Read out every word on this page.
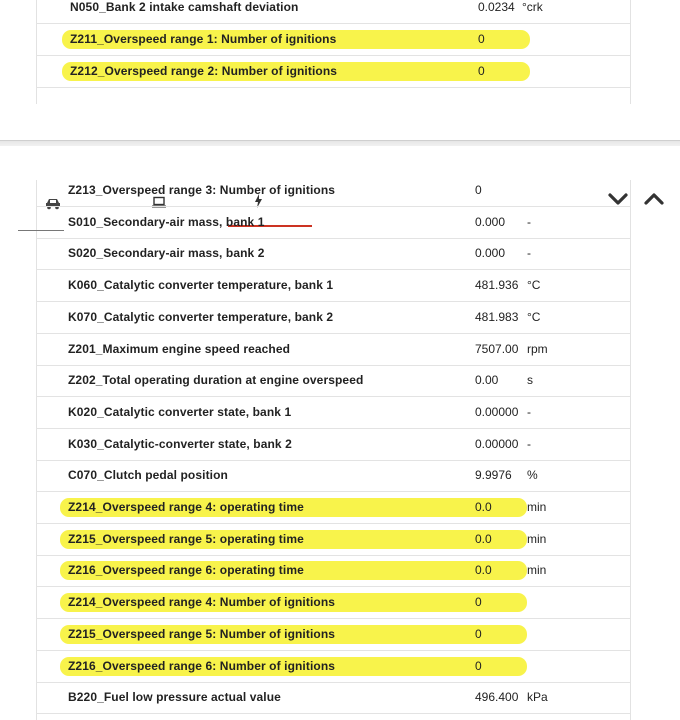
N050_Bank 2 intake camshaft deviation	0.0234 °crk
Z211_Overspeed range 1: Number of ignitions	0
Z212_Overspeed range 2: Number of ignitions	0
Z213_Overspeed range 3: Number of ignitions	0
S010_Secondary-air mass, bank 1	0.000 -
S020_Secondary-air mass, bank 2	0.000 -
K060_Catalytic converter temperature, bank 1	481.936 °C
K070_Catalytic converter temperature, bank 2	481.983 °C
Z201_Maximum engine speed reached	7507.00 rpm
Z202_Total operating duration at engine overspeed	0.00 s
K020_Catalytic converter state, bank 1	0.00000 -
K030_Catalytic-converter state, bank 2	0.00000 -
C070_Clutch pedal position	9.9976 %
Z214_Overspeed range 4: operating time	0.0	min
Z215_Overspeed range 5: operating time	0.0	min
Z216_Overspeed range 6: operating time	0.0	min
Z214_Overspeed range 4: Number of ignitions	0
Z215_Overspeed range 5: Number of ignitions	0
Z216_Overspeed range 6: Number of ignitions	0
B220_Fuel low pressure actual value	496.400 kPa
